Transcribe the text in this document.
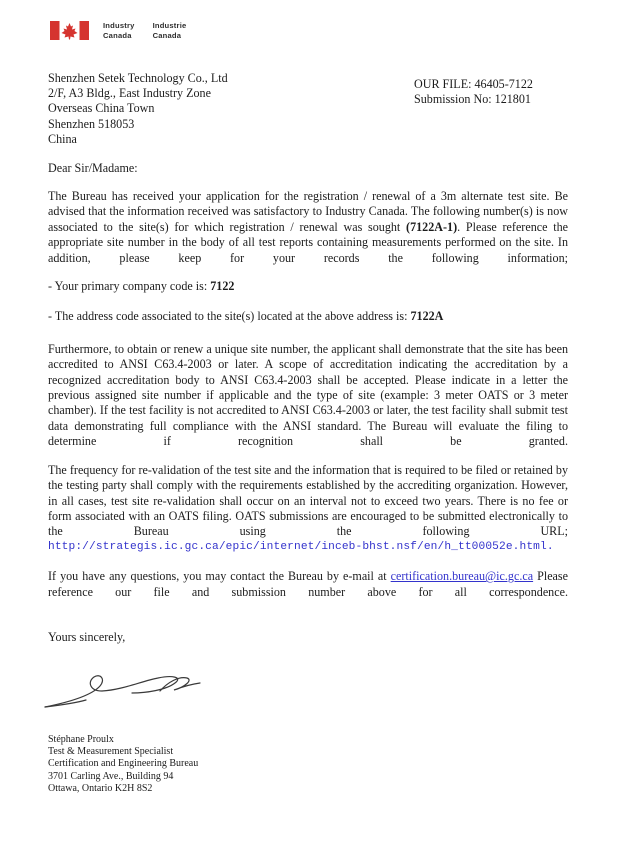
Industry
Canada
Industrie
Canada
Shenzhen Setek Technology Co., Ltd
2/F, A3 Bldg., East Industry Zone
Overseas China Town
Shenzhen 518053
China
OUR FILE: 46405-7122
Submission No: 121801
Dear Sir/Madame:
The Bureau has received your application for the registration / renewal of a 3m alternate test site. Be advised that the information received was satisfactory to Industry Canada. The following number(s) is now associated to the site(s) for which registration / renewal was sought (7122A-1). Please reference the appropriate site number in the body of all test reports containing measurements performed on the site. In addition, please keep for your records the following information;
- Your primary company code is: 7122
- The address code associated to the site(s) located at the above address is: 7122A
Furthermore, to obtain or renew a unique site number, the applicant shall demonstrate that the site has been accredited to ANSI C63.4-2003 or later. A scope of accreditation indicating the accreditation by a recognized accreditation body to ANSI C63.4-2003 shall be accepted. Please indicate in a letter the previous assigned site number if applicable and the type of site (example: 3 meter OATS or 3 meter chamber). If the test facility is not accredited to ANSI C63.4-2003 or later, the test facility shall submit test data demonstrating full compliance with the ANSI standard. The Bureau will evaluate the filing to determine if recognition shall be granted.
The frequency for re-validation of the test site and the information that is required to be filed or retained by the testing party shall comply with the requirements established by the accrediting organization. However, in all cases, test site re-validation shall occur on an interval not to exceed two years. There is no fee or form associated with an OATS filing. OATS submissions are encouraged to be submitted electronically to the Bureau using the following URL;
http://strategis.ic.gc.ca/epic/internet/inceb-bhst.nsf/en/h_tt00052e.html.
If you have any questions, you may contact the Bureau by e-mail at certification.bureau@ic.gc.ca Please reference our file and submission number above for all correspondence.
Yours sincerely,
Stéphane Proulx
Test & Measurement Specialist
Certification and Engineering Bureau
3701 Carling Ave., Building 94
Ottawa, Ontario K2H 8S2
